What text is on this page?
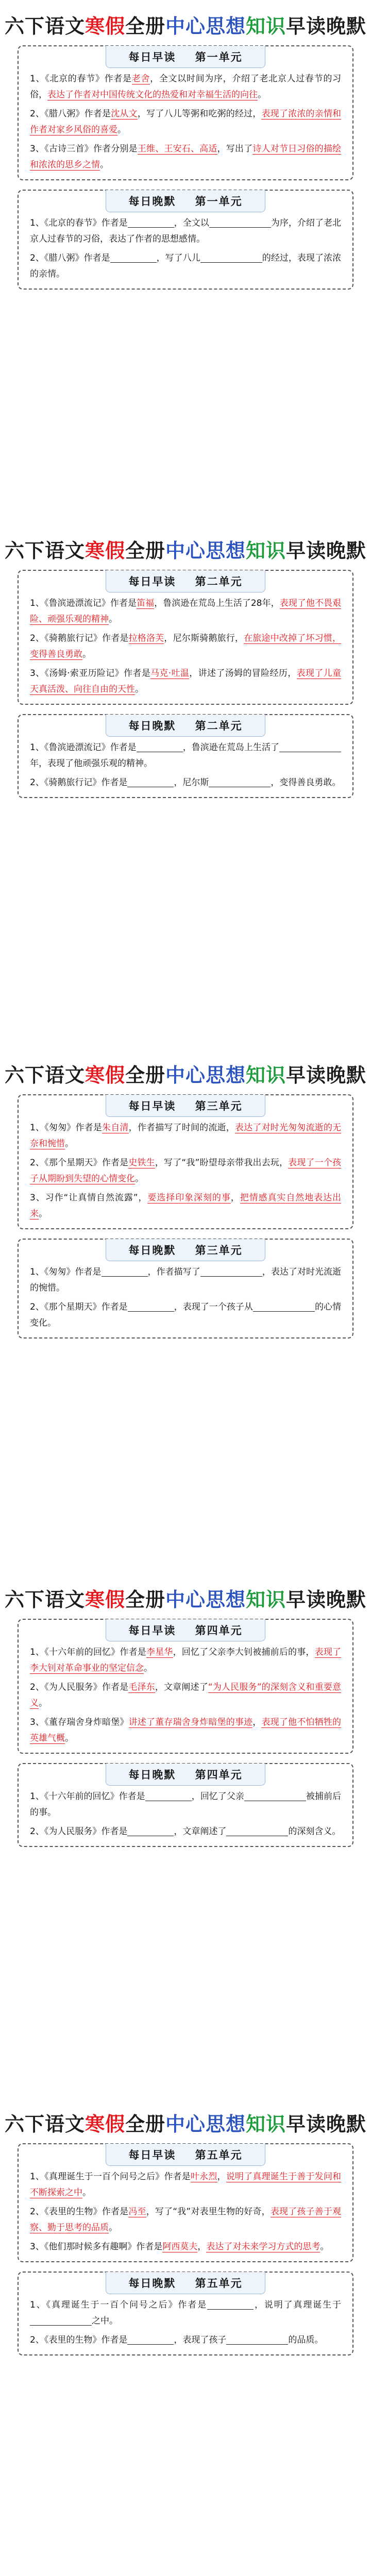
六下语文寒假全册中心思想知识早读晚默
每日早读    第一单元
1、《北京的春节》作者是老舍，全文以时间为序，介绍了老北京人过春节的习俗，表达了作者对中国传统文化的热爱和对幸福生活的向往。
2、《腊八粥》作者是沈从文，写了八儿等粥和吃粥的经过，表现了浓浓的亲情和作者对家乡风俗的喜爱。
3、《古诗三首》作者分别是王维、王安石、高适，写出了诗人对节日习俗的描绘和浓浓的思乡之情。
每日晚默    第一单元
1、《北京的春节》作者是	，全文以	为序，介绍了老北京人过春节的习俗，表达了作者的思想感情。
2、《腊八粥》作者是	，写了八儿	的经过，表现了浓浓的亲情。
六下语文寒假全册中心思想知识早读晚默
每日早读    第二单元
1、《鲁滨逊漂流记》作者是笛福，鲁滨逊在荒岛上生活了28年，表现了他不畏艰险、顽强乐观的精神。
2、《骑鹅旅行记》作者是拉格洛芙，尼尔斯骑鹅旅行，在旅途中改掉了坏习惯，变得善良勇敢。
3、《汤姆·索亚历险记》作者是马克·吐温，讲述了汤姆的冒险经历，表现了儿童天真活泼、向往自由的天性。
每日晚默    第二单元
1、《鲁滨逊漂流记》作者是	，鲁滨逊在荒岛上生活了年，表现了他顽强乐观的精神。
2、《骑鹅旅行记》作者是	，尼尔斯	，变得善良勇敢。
六下语文寒假全册中心思想知识早读晚默
每日早读    第三单元
1、《匆匆》作者是朱自清，作者描写了时间的流逝，表达了对时光匆匆流逝的无奈和惋惜。
2、《那个星期天》作者是史铁生，写了“我”盼望母亲带我出去玩，表现了一个孩子从期盼到失望的心情变化。
3、习作“让真情自然流露”，要选择印象深刻的事，把情感真实自然地表达出来。
每日晚默    第三单元
1、《匆匆》作者是	，作者描写了	，表达了对时光流逝的惋惜。
2、《那个星期天》作者是	，表现了一个孩子从	的心情变化。
六下语文寒假全册中心思想知识早读晚默
每日早读    第四单元
1、《十六年前的回忆》作者是李星华，回忆了父亲李大钊被捕前后的事，表现了李大钊对革命事业的坚定信念。
2、《为人民服务》作者是毛泽东，文章阐述了“为人民服务”的深刻含义和重要意义。
3、《董存瑞舍身炸暗堡》讲述了董存瑞舍身炸暗堡的事迹，表现了他不怕牺牲的英雄气概。
每日晚默    第四单元
1、《十六年前的回忆》作者是	，回忆了父亲	被捕前后的事。
2、《为人民服务》作者是	，文章阐述了	的深刻含义。
六下语文寒假全册中心思想知识早读晚默
每日早读    第五单元
1、《真理诞生于一百个问号之后》作者是叶永烈，说明了真理诞生于善于发问和不断探索之中。
2、《表里的生物》作者是冯至，写了“我”对表里生物的好奇，表现了孩子善于观察、勤于思考的品质。
3、《他们那时候多有趣啊》作者是阿西莫夫，表达了对未来学习方式的思考。
每日晚默    第五单元
1、《真理诞生于一百个问号之后》作者是	，说明了真理诞生于之中。
2、《表里的生物》作者是	，表现了孩子	的品质。
